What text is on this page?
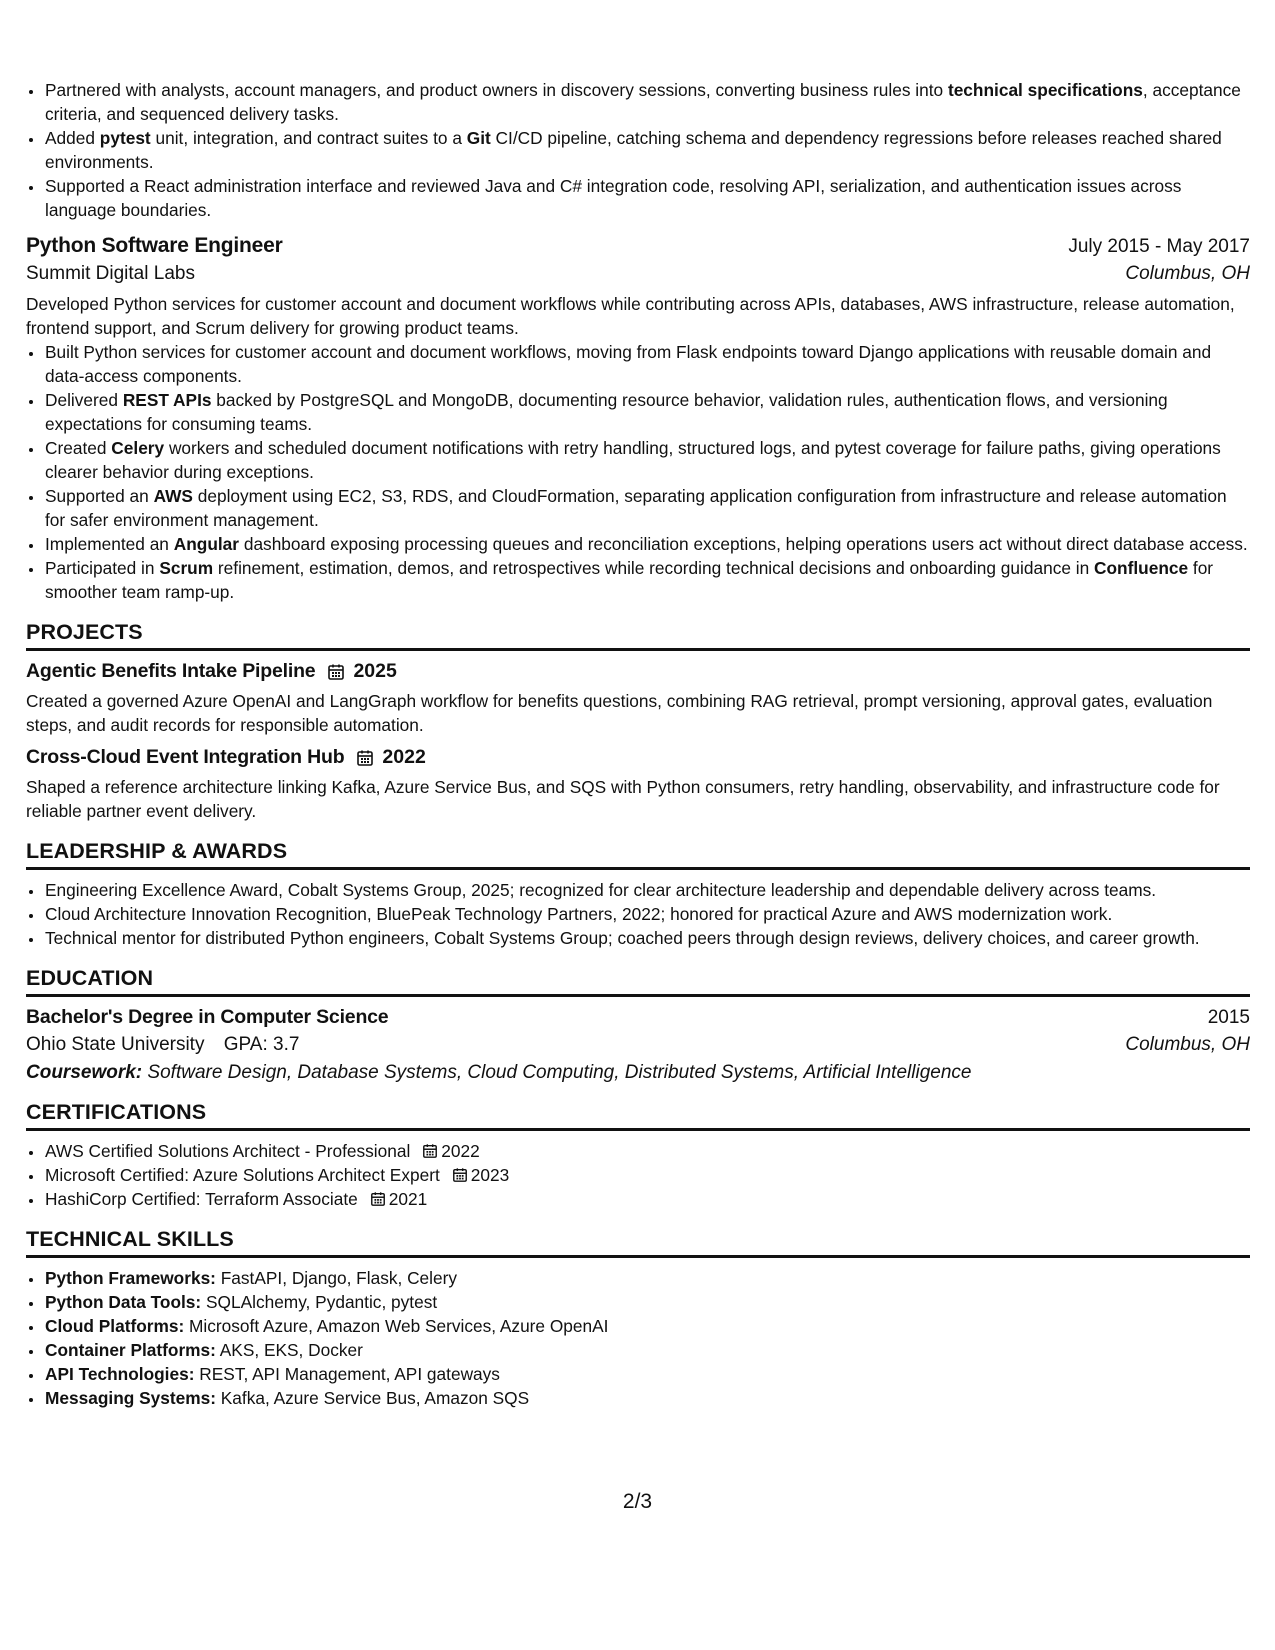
• Partnered with analysts, account managers, and product owners in discovery sessions, converting business rules into technical specifications, acceptance criteria, and sequenced delivery tasks.
• Added pytest unit, integration, and contract suites to a Git CI/CD pipeline, catching schema and dependency regressions before releases reached shared environments.
• Supported a React administration interface and reviewed Java and C# integration code, resolving API, serialization, and authentication issues across language boundaries.
Python Software Engineer	July 2015 - May 2017
Summit Digital Labs	Columbus, OH
Developed Python services for customer account and document workflows while contributing across APIs, databases, AWS infrastructure, release automation, frontend support, and Scrum delivery for growing product teams.
• Built Python services for customer account and document workflows, moving from Flask endpoints toward Django applications with reusable domain and data-access components.
• Delivered REST APIs backed by PostgreSQL and MongoDB, documenting resource behavior, validation rules, authentication flows, and versioning expectations for consuming teams.
• Created Celery workers and scheduled document notifications with retry handling, structured logs, and pytest coverage for failure paths, giving operations clearer behavior during exceptions.
• Supported an AWS deployment using EC2, S3, RDS, and CloudFormation, separating application configuration from infrastructure and release automation for safer environment management.
• Implemented an Angular dashboard exposing processing queues and reconciliation exceptions, helping operations users act without direct database access.
• Participated in Scrum refinement, estimation, demos, and retrospectives while recording technical decisions and onboarding guidance in Confluence for smoother team ramp-up.
PROJECTS
Agentic Benefits Intake Pipeline 2025
Created a governed Azure OpenAI and LangGraph workflow for benefits questions, combining RAG retrieval, prompt versioning, approval gates, evaluation steps, and audit records for responsible automation.
Cross-Cloud Event Integration Hub 2022
Shaped a reference architecture linking Kafka, Azure Service Bus, and SQS with Python consumers, retry handling, observability, and infrastructure code for reliable partner event delivery.
LEADERSHIP & AWARDS
• Engineering Excellence Award, Cobalt Systems Group, 2025; recognized for clear architecture leadership and dependable delivery across teams.
• Cloud Architecture Innovation Recognition, BluePeak Technology Partners, 2022; honored for practical Azure and AWS modernization work.
• Technical mentor for distributed Python engineers, Cobalt Systems Group; coached peers through design reviews, delivery choices, and career growth.
EDUCATION
Bachelor's Degree in Computer Science	2015
Ohio State University GPA: 3.7	Columbus, OH
Coursework: Software Design, Database Systems, Cloud Computing, Distributed Systems, Artificial Intelligence
CERTIFICATIONS
• AWS Certified Solutions Architect - Professional 2022
• Microsoft Certified: Azure Solutions Architect Expert 2023
• HashiCorp Certified: Terraform Associate 2021
TECHNICAL SKILLS
• Python Frameworks: FastAPI, Django, Flask, Celery
• Python Data Tools: SQLAlchemy, Pydantic, pytest
• Cloud Platforms: Microsoft Azure, Amazon Web Services, Azure OpenAI
• Container Platforms: AKS, EKS, Docker
• API Technologies: REST, API Management, API gateways
• Messaging Systems: Kafka, Azure Service Bus, Amazon SQS
2/3
